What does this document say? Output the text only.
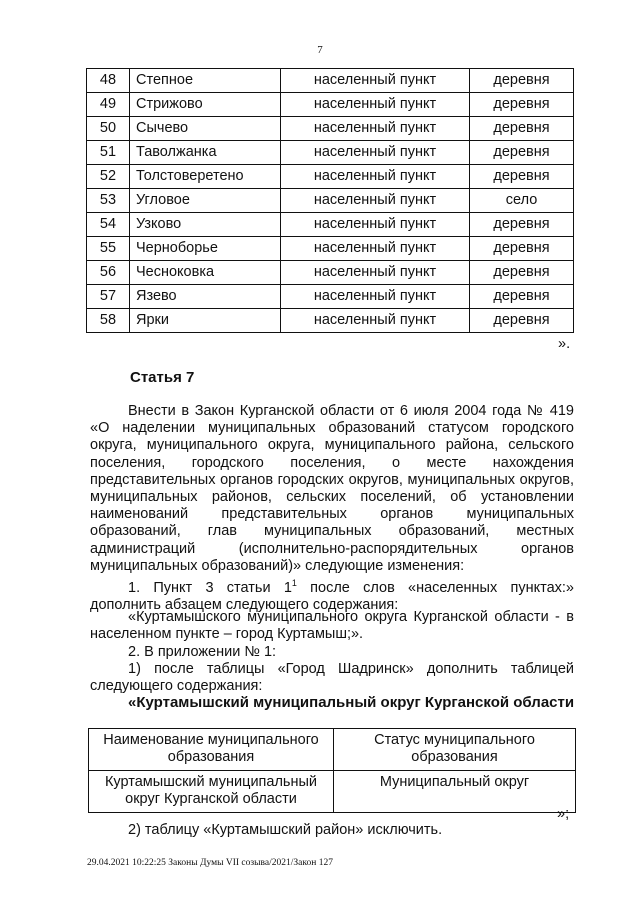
7
48	Степное	населенный пункт	деревня
49	Стрижово	населенный пункт	деревня
50	Сычево	населенный пункт	деревня
51	Таволжанка	населенный пункт	деревня
52	Толстоверетено	населенный пункт	деревня
53	Угловое	населенный пункт	село
54	Узково	населенный пункт	деревня
55	Черноборье	населенный пункт	деревня
56	Чесноковка	населенный пункт	деревня
57	Язево	населенный пункт	деревня
58	Ярки	населенный пункт	деревня
».
Статья 7

Внести в Закон Курганской области от 6 июля 2004 года № 419 «О наделении муниципальных образований статусом городского округа, муниципального округа, муниципального района, сельского поселения, городского поселения, о месте нахождения представительных органов городских округов, муниципальных округов, муниципальных районов, сельских поселений, об установлении наименований представительных органов муниципальных образований, глав муниципальных образований, местных администраций (исполнительно-распорядительных органов муниципальных образований)» следующие изменения:

1. Пункт 3 статьи $1^1$ после слов «населенных пунктах:» дополнить абзацем следующего содержания:

«Куртамышского муниципального округа Курганской области - в населенном пункте – город Куртамыш;».

2. В приложении № 1:

1) после таблицы «Город Шадринск» дополнить таблицей следующего содержания:

«Куртамышский муниципальный округ Курганской области
Наименование муниципального образования	Статус муниципального образования
Куртамышский муниципальный округ Курганской области	Муниципальный округ
»;
2) таблицу «Куртамышский район» исключить.
29.04.2021 10:22:25 Законы Думы VII созыва/2021/Закон 127
